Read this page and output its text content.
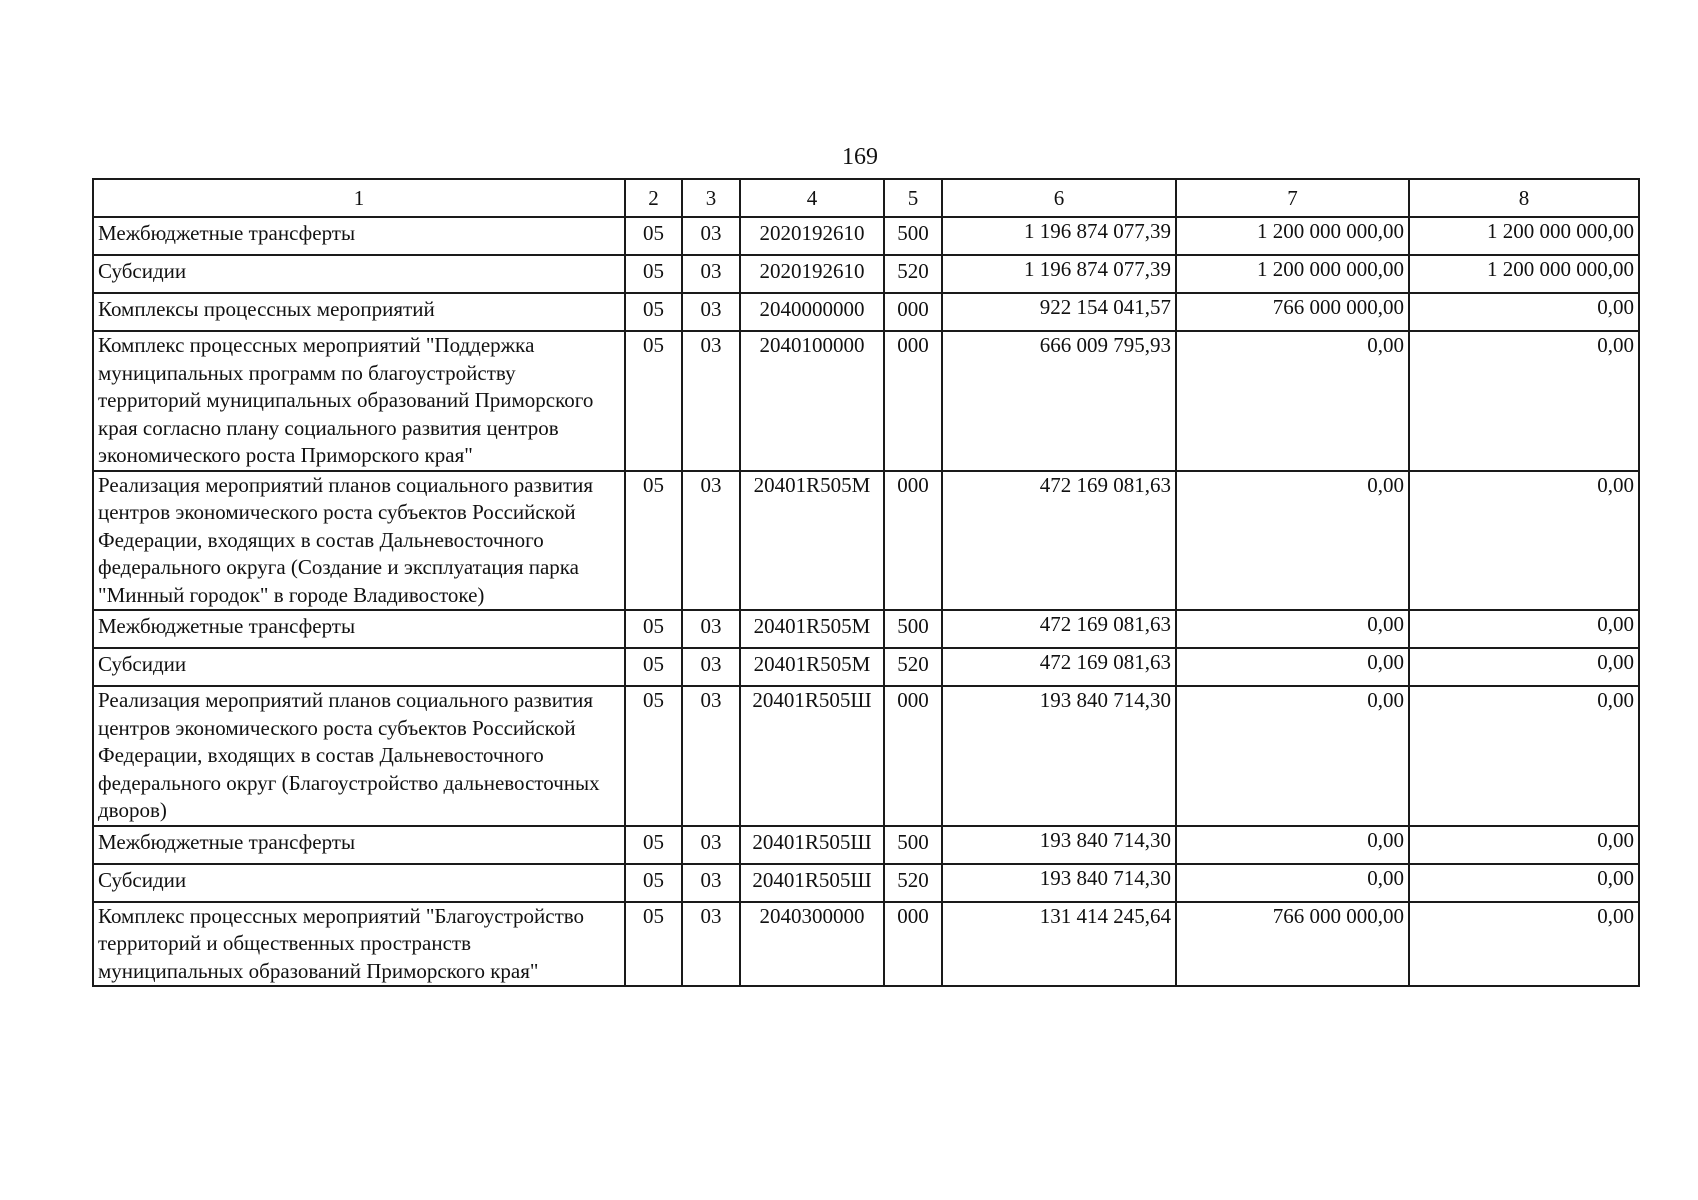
169
1	2	3	4	5	6	7	8
Межбюджетные трансферты	05	03	2020192610	500	1 196 874 077,39	1 200 000 000,00	1 200 000 000,00
Субсидии	05	03	2020192610	520	1 196 874 077,39	1 200 000 000,00	1 200 000 000,00
Комплексы процессных мероприятий	05	03	2040000000	000	922 154 041,57	766 000 000,00	0,00
Комплекс процессных мероприятий "Поддержка муниципальных программ по благоустройству территорий муниципальных образований Приморского края согласно плану социального развития центров экономического роста Приморского края"	05	03	2040100000	000	666 009 795,93	0,00	0,00
Реализация мероприятий планов социального развития центров экономического роста субъектов Российской Федерации, входящих в состав Дальневосточного федерального округа (Создание и эксплуатация парка "Минный городок" в городе Владивостоке)	05	03	20401R505M	000	472 169 081,63	0,00	0,00
Межбюджетные трансферты	05	03	20401R505M	500	472 169 081,63	0,00	0,00
Субсидии	05	03	20401R505M	520	472 169 081,63	0,00	0,00
Реализация мероприятий планов социального развития центров экономического роста субъектов Российской Федерации, входящих в состав Дальневосточного федерального округ (Благоустройство дальневосточных дворов)	05	03	20401R505Ш	000	193 840 714,30	0,00	0,00
Межбюджетные трансферты	05	03	20401R505Ш	500	193 840 714,30	0,00	0,00
Субсидии	05	03	20401R505Ш	520	193 840 714,30	0,00	0,00
Комплекс процессных мероприятий "Благоустройство территорий и общественных пространств муниципальных образований Приморского края"	05	03	2040300000	000	131 414 245,64	766 000 000,00	0,00
